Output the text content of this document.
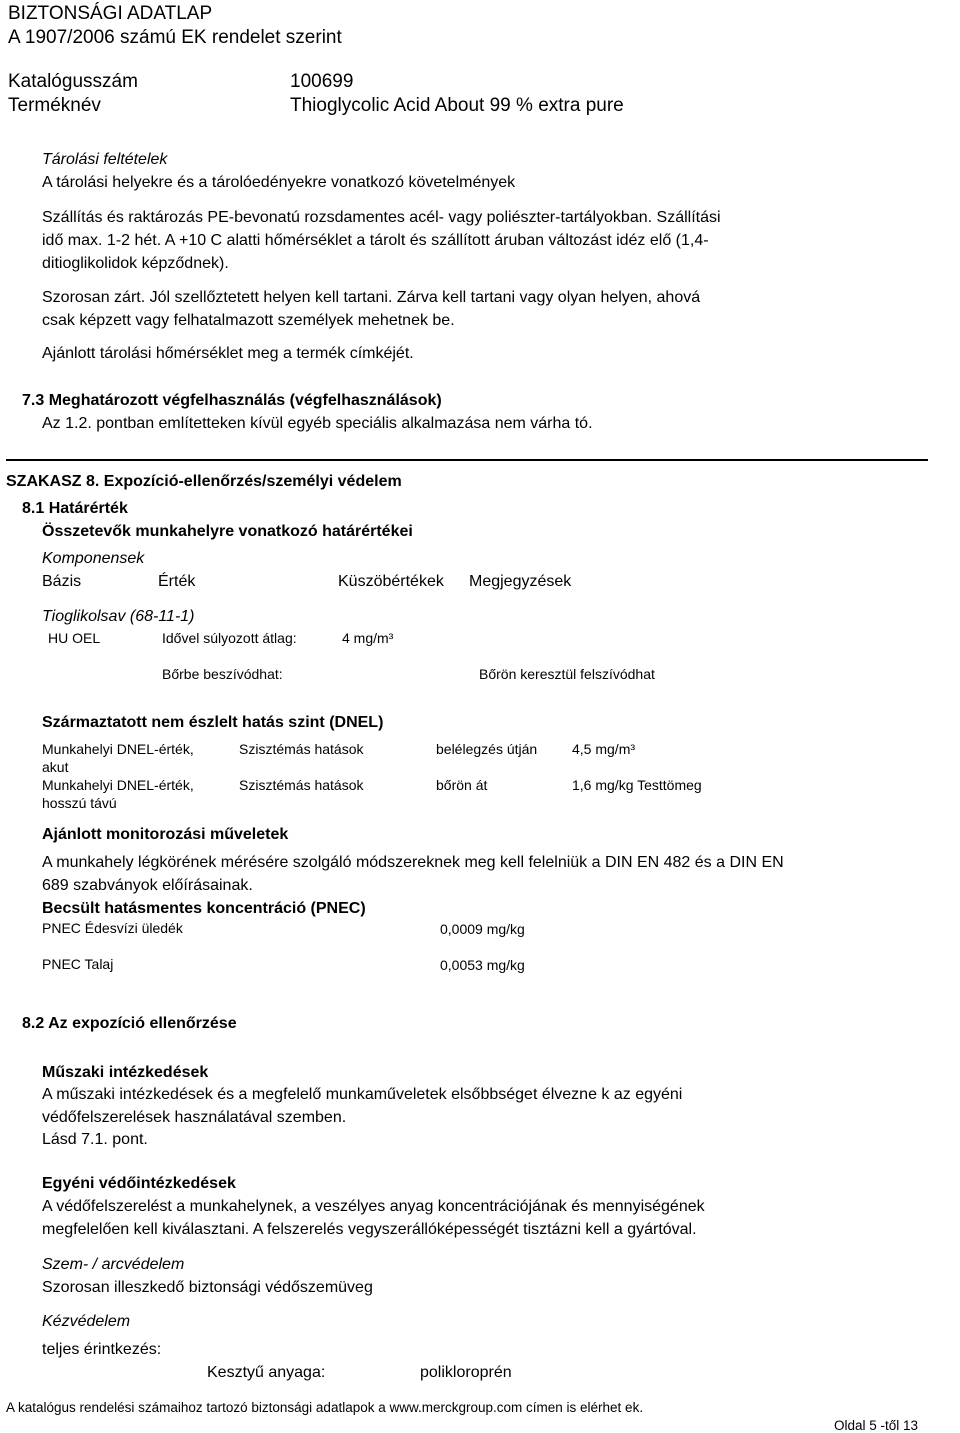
BIZTONSÁGI ADATLAP
A 1907/2006 számú EK rendelet szerint
Katalógusszám	100699
Terméknév	Thioglycolic Acid About 99 % extra pure
Tárolási feltételek
A tárolási helyekre és a tárolóedényekre vonatkozó követelmények
Szállítás és raktározás PE-bevonatú rozsdamentes acél- vagy poliészter-tartályokban. Szállítási
idő max. 1-2 hét. A +10 C alatti hőmérséklet a tárolt és szállított áruban változást idéz elő (1,4-
ditioglikolidok képződnek).
Szorosan zárt. Jól szellőztetett helyen kell tartani. Zárva kell tartani vagy olyan helyen, ahová
csak képzett vagy felhatalmazott személyek mehetnek be.
Ajánlott tárolási hőmérséklet meg a termék címkéjét.
7.3 Meghatározott végfelhasználás (végfelhasználások)
Az 1.2. pontban említetteken kívül egyéb speciális alkalmazása nem várha tó.
SZAKASZ 8. Expozíció-ellenőrzés/személyi védelem
8.1 Határérték
Összetevők munkahelyre vonatkozó határértékei
Komponensek
Bázis	Érték	Küszöbértékek Megjegyzések
Tioglikolsav (68-11-1)
HU OEL	Idővel súlyozott átlag:	4 mg/m³
Bőrbe beszívódhat:	Bőrön keresztül felszívódhat
Származtatott nem észlelt hatás szint (DNEL)
Munkahelyi DNEL-érték,
akut
Szisztémás hatások	belélegzés útján 4,5 mg/m³
Munkahelyi DNEL-érték,
hosszú távú
Szisztémás hatások	bőrön át	1,6 mg/kg Testtömeg
Ajánlott monitorozási műveletek
A munkahely légkörének mérésére szolgáló módszereknek meg kell felelniük a DIN EN 482 és a DIN EN
689 szabványok előírásainak.
Becsült hatásmentes koncentráció (PNEC)
PNEC Édesvízi üledék	0,0009 mg/kg
PNEC Talaj	0,0053 mg/kg
8.2 Az expozíció ellenőrzése
Műszaki intézkedések
A műszaki intézkedések és a megfelelő munkaműveletek elsőbbséget élvezne k az egyéni
védőfelszerelések használatával szemben.
Lásd 7.1. pont.
Egyéni védőintézkedések
A védőfelszerelést a munkahelynek, a veszélyes anyag koncentrációjának és mennyiségének
megfelelően kell kiválasztani. A felszerelés vegyszerállóképességét tisztázni kell a gyártóval.
Szem- / arcvédelem
Szorosan illeszkedő biztonsági védőszemüveg
Kézvédelem
teljes érintkezés:
Kesztyű anyaga:	polikloroprén
A katalógus rendelési számaihoz tartozó biztonsági adatlapok a www.merckgroup.com címen is elérhet ek.
Oldal 5 -től 13
